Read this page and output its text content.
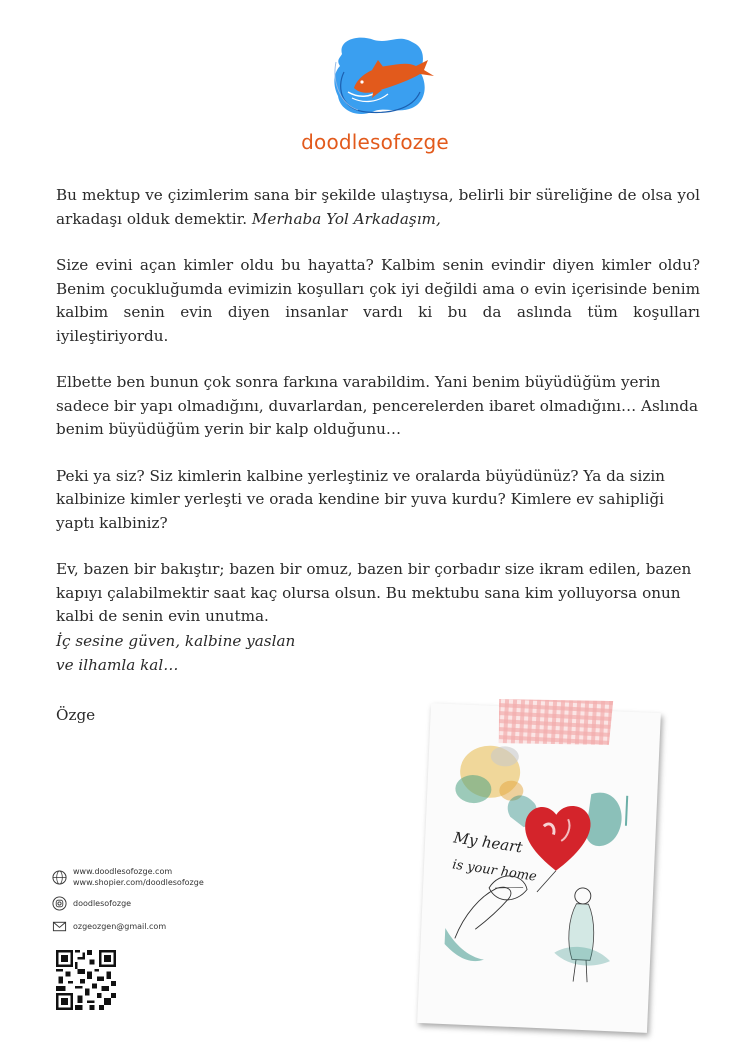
doodlesofozge

Bu mektup ve çizimlerim sana bir şekilde ulaştıysa, belirli bir süreliğine de olsa yol arkadaşı olduk demektir. Merhaba Yol Arkadaşım,

Size evini açan kimler oldu bu hayatta? Kalbim senin evindir diyen kimler oldu? Benim çocukluğumda evimizin koşulları çok iyi değildi ama o evin içerisinde benim kalbim senin evin diyen insanlar vardı ki bu da aslında tüm koşulları iyileştiriyordu.

Elbette ben bunun çok sonra farkına varabildim. Yani benim büyüdüğüm yerin sadece bir yapı olmadığını, duvarlardan, pencerelerden ibaret olmadığını… Aslında benim büyüdüğüm yerin bir kalp olduğunu…

Peki ya siz? Siz kimlerin kalbine yerleştiniz ve oralarda büyüdünüz? Ya da sizin kalbinize kimler yerleşti ve orada kendine bir yuva kurdu? Kimlere ev sahipliği yaptı kalbiniz?

Ev, bazen bir bakıştır; bazen bir omuz, bazen bir çorbadır size ikram edilen, bazen kapıyı çalabilmektir saat kaç olursa olsun. Bu mektubu sana kim yolluyorsa onun kalbi de senin evin unutma.

İç sesine güven, kalbine yaslan
ve ilhamla kal…
Özge
www.doodlesofozge.com
www.shopier.com/doodlesofozge
doodlesofozge
ozgeozgen@gmail.com
My heart
is your home
